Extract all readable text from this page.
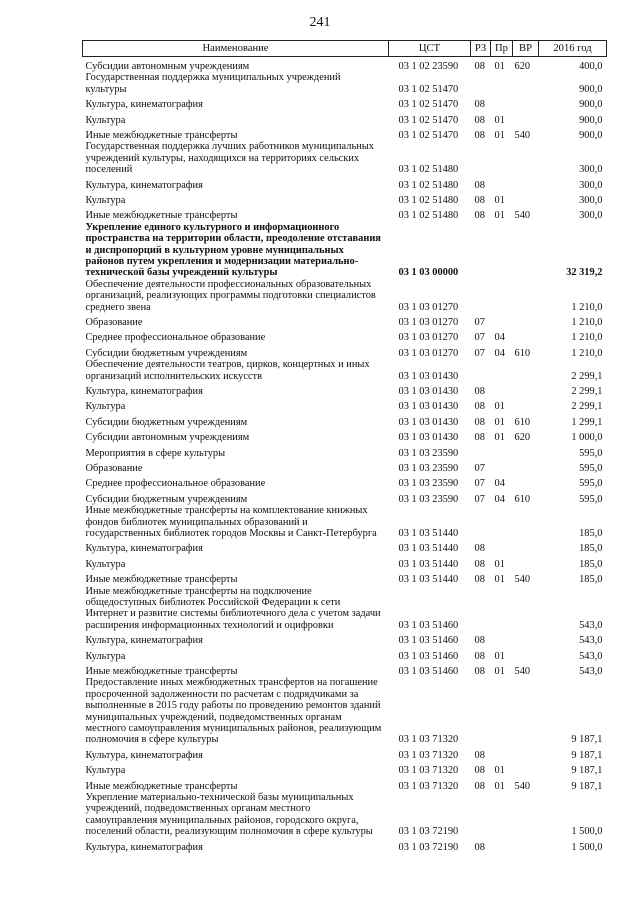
241
Наименование	ЦСТ	РЗ	Пр	ВР	2016 год
Субсидии автономным учреждениям	03 1 02 23590	08	01	620	400,0
Государственная поддержка муниципальных учреждений культуры	03 1 02 51470				900,0
Культура, кинематография	03 1 02 51470	08			900,0
Культура	03 1 02 51470	08	01		900,0
Иные межбюджетные трансферты	03 1 02 51470	08	01	540	900,0
Государственная поддержка лучших работников муниципальных учреждений культуры, находящихся на территориях сельских поселений	03 1 02 51480				300,0
Культура, кинематография	03 1 02 51480	08			300,0
Культура	03 1 02 51480	08	01		300,0
Иные межбюджетные трансферты	03 1 02 51480	08	01	540	300,0
Укрепление единого культурного и информационного пространства на территории области, преодоление отставания и диспропорций в культурном уровне муниципальных районов путем укрепления и модернизации материально-технической базы учреждений культуры	03 1 03 00000				32 319,2
Обеспечение деятельности профессиональных образовательных организаций, реализующих программы подготовки специалистов среднего звена	03 1 03 01270				1 210,0
Образование	03 1 03 01270	07			1 210,0
Среднее профессиональное образование	03 1 03 01270	07	04		1 210,0
Субсидии бюджетным учреждениям	03 1 03 01270	07	04	610	1 210,0
Обеспечение деятельности театров, цирков, концертных и иных организаций исполнительских искусств	03 1 03 01430				2 299,1
Культура, кинематография	03 1 03 01430	08			2 299,1
Культура	03 1 03 01430	08	01		2 299,1
Субсидии бюджетным учреждениям	03 1 03 01430	08	01	610	1 299,1
Субсидии автономным учреждениям	03 1 03 01430	08	01	620	1 000,0
Мероприятия в сфере культуры	03 1 03 23590				595,0
Образование	03 1 03 23590	07			595,0
Среднее профессиональное образование	03 1 03 23590	07	04		595,0
Субсидии бюджетным учреждениям	03 1 03 23590	07	04	610	595,0
Иные межбюджетные трансферты на комплектование книжных фондов библиотек муниципальных образований и государственных библиотек городов Москвы и Санкт-Петербурга	03 1 03 51440				185,0
Культура, кинематография	03 1 03 51440	08			185,0
Культура	03 1 03 51440	08	01		185,0
Иные межбюджетные трансферты	03 1 03 51440	08	01	540	185,0
Иные межбюджетные трансферты на подключение общедоступных библиотек Российской Федерации к сети Интернет и развитие системы библиотечного дела с учетом задачи расширения информационных технологий и оцифровки	03 1 03 51460				543,0
Культура, кинематография	03 1 03 51460	08			543,0
Культура	03 1 03 51460	08	01		543,0
Иные межбюджетные трансферты	03 1 03 51460	08	01	540	543,0
Предоставление иных межбюджетных трансфертов на погашение просроченной задолженности по расчетам с подрядчиками за выполненные в 2015 году работы по проведению ремонтов зданий муниципальных учреждений, подведомственных органам местного самоуправления муниципальных районов, реализующим полномочия в сфере культуры	03 1 03 71320				9 187,1
Культура, кинематография	03 1 03 71320	08			9 187,1
Культура	03 1 03 71320	08	01		9 187,1
Иные межбюджетные трансферты	03 1 03 71320	08	01	540	9 187,1
Укрепление материально-технической базы муниципальных учреждений, подведомственных органам местного самоуправления муниципальных районов, городского округа, поселений области, реализующим полномочия в сфере культуры	03 1 03 72190				1 500,0
Культура, кинематография	03 1 03 72190	08			1 500,0
